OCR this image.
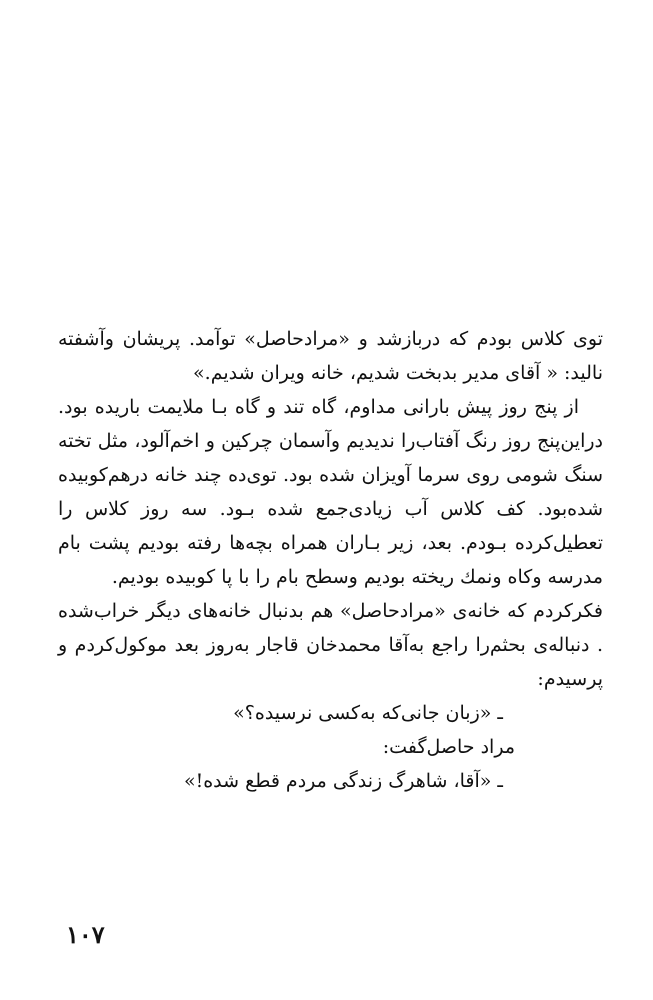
توی کلاس بودم که دربازشد و «مرادحاصل» توآمد. پریشان وآشفته نالید: « آقای مدیر بدبخت شدیم، خانه ویران شدیم.»

از پنج روز پیش بارانی مداوم، گاه تند و گاه بـا ملایمت باریده بود. دراین‌پنج روز رنگ آفتاب‌را ندیدیم وآسمان چرکین و اخم‌آلود، مثل تخته سنگ شومی روی سرما آویزان شده بود. توی‌ده چند خانه درهم‌کوبیده شده‌بود. کف کلاس آب زیادی‌جمع شده بـود. سه روز کلاس را تعطیل‌کرده بـودم. بعد، زیر بـاران همراه بچه‌ها رفته بودیم پشت بام مدرسه وکاه ونمك ریخته بودیم وسطح بام را با پا کوبیده بودیم.

فکرکردم که خانه‌ی «مرادحاصل» هم بدنبال خانه‌های دیگر خراب‌شده . دنباله‌ی بحثم‌را راجع به‌آقا محمدخان قاجار به‌روز بعد موکول‌کردم و پرسیدم:

ـ «زبان جانی‌که به‌کسی نرسیده؟»

مراد حاصل‌گفت:

ـ «آقا، شاهرگ زندگی مردم قطع شده!»

۱۰۷
